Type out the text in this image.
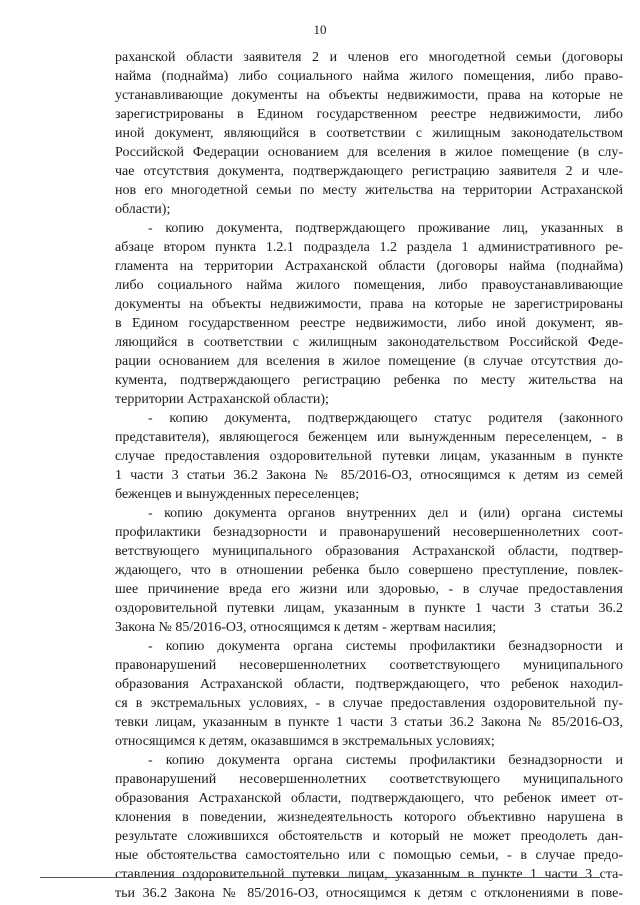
10
раханской области заявителя 2 и членов его многодетной семьи (договоры
найма (поднайма) либо социального найма жилого помещения, либо право-
устанавливающие документы на объекты недвижимости, права на которые не
зарегистрированы в Едином государственном реестре недвижимости, либо
иной документ, являющийся в соответствии с жилищным законодательством
Российской Федерации основанием для вселения в жилое помещение (в слу-
чае отсутствия документа, подтверждающего регистрацию заявителя 2 и чле-
нов его многодетной семьи по месту жительства на территории Астраханской
области);
- копию документа, подтверждающего проживание лиц, указанных в
абзаце втором пункта 1.2.1 подраздела 1.2 раздела 1 административного ре-
гламента на территории Астраханской области (договоры найма (поднайма)
либо социального найма жилого помещения, либо правоустанавливающие
документы на объекты недвижимости, права на которые не зарегистрированы
в Едином государственном реестре недвижимости, либо иной документ, яв-
ляющийся в соответствии с жилищным законодательством Российской Феде-
рации основанием для вселения в жилое помещение (в случае отсутствия до-
кумента, подтверждающего регистрацию ребенка по месту жительства на
территории Астраханской области);
- копию документа, подтверждающего статус родителя (законного
представителя), являющегося беженцем или вынужденным переселенцем, - в
случае предоставления оздоровительной путевки лицам, указанным в пункте
1 части 3 статьи 36.2 Закона № 85/2016-ОЗ, относящимся к детям из семей
беженцев и вынужденных переселенцев;
- копию документа органов внутренних дел и (или) органа системы
профилактики безнадзорности и правонарушений несовершеннолетних соот-
ветствующего муниципального образования Астраханской области, подтвер-
ждающего, что в отношении ребенка было совершено преступление, повлек-
шее причинение вреда его жизни или здоровью, - в случае предоставления
оздоровительной путевки лицам, указанным в пункте 1 части 3 статьи 36.2
Закона № 85/2016-ОЗ, относящимся к детям - жертвам насилия;
- копию документа органа системы профилактики безнадзорности и
правонарушений несовершеннолетних соответствующего муниципального
образования Астраханской области, подтверждающего, что ребенок находил-
ся в экстремальных условиях, - в случае предоставления оздоровительной пу-
тевки лицам, указанным в пункте 1 части 3 статьи 36.2 Закона № 85/2016-ОЗ,
относящимся к детям, оказавшимся в экстремальных условиях;
- копию документа органа системы профилактики безнадзорности и
правонарушений несовершеннолетних соответствующего муниципального
образования Астраханской области, подтверждающего, что ребенок имеет от-
клонения в поведении, жизнедеятельность которого объективно нарушена в
результате сложившихся обстоятельств и который не может преодолеть дан-
ные обстоятельства самостоятельно или с помощью семьи, - в случае предо-
ставления оздоровительной путевки лицам, указанным в пункте 1 части 3 ста-
тьи 36.2 Закона № 85/2016-ОЗ, относящимся к детям с отклонениями в пове-
